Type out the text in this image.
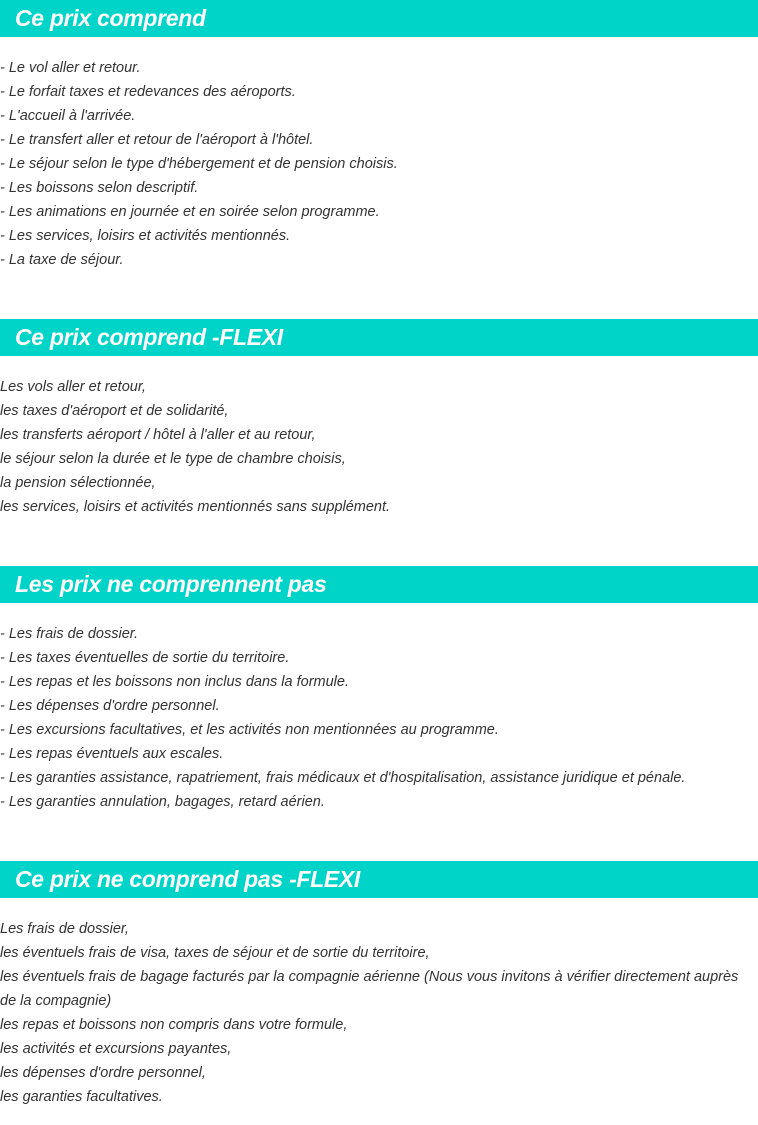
Ce prix comprend
- Le vol aller et retour.
- Le forfait taxes et redevances des aéroports.
- L'accueil à l'arrivée.
- Le transfert aller et retour de l'aéroport à l'hôtel.
- Le séjour selon le type d'hébergement et de pension choisis.
- Les boissons selon descriptif.
- Les animations en journée et en soirée selon programme.
- Les services, loisirs et activités mentionnés.
- La taxe de séjour.
Ce prix comprend -FLEXI
Les vols aller et retour,
les taxes d'aéroport et de solidarité,
les transferts aéroport / hôtel à l'aller et au retour,
le séjour selon la durée et le type de chambre choisis,
la pension sélectionnée,
les services, loisirs et activités mentionnés sans supplément.
Les prix ne comprennent pas
- Les frais de dossier.
- Les taxes éventuelles de sortie du territoire.
- Les repas et les boissons non inclus dans la formule.
- Les dépenses d'ordre personnel.
- Les excursions facultatives, et les activités non mentionnées au programme.
- Les repas éventuels aux escales.
- Les garanties assistance, rapatriement, frais médicaux et d'hospitalisation, assistance juridique et pénale.
- Les garanties annulation, bagages, retard aérien.
Ce prix ne comprend pas -FLEXI
Les frais de dossier,
les éventuels frais de visa, taxes de séjour et de sortie du territoire,
les éventuels frais de bagage facturés par la compagnie aérienne (Nous vous invitons à vérifier directement auprès de la compagnie)
les repas et boissons non compris dans votre formule,
les activités et excursions payantes,
les dépenses d'ordre personnel,
les garanties facultatives.
